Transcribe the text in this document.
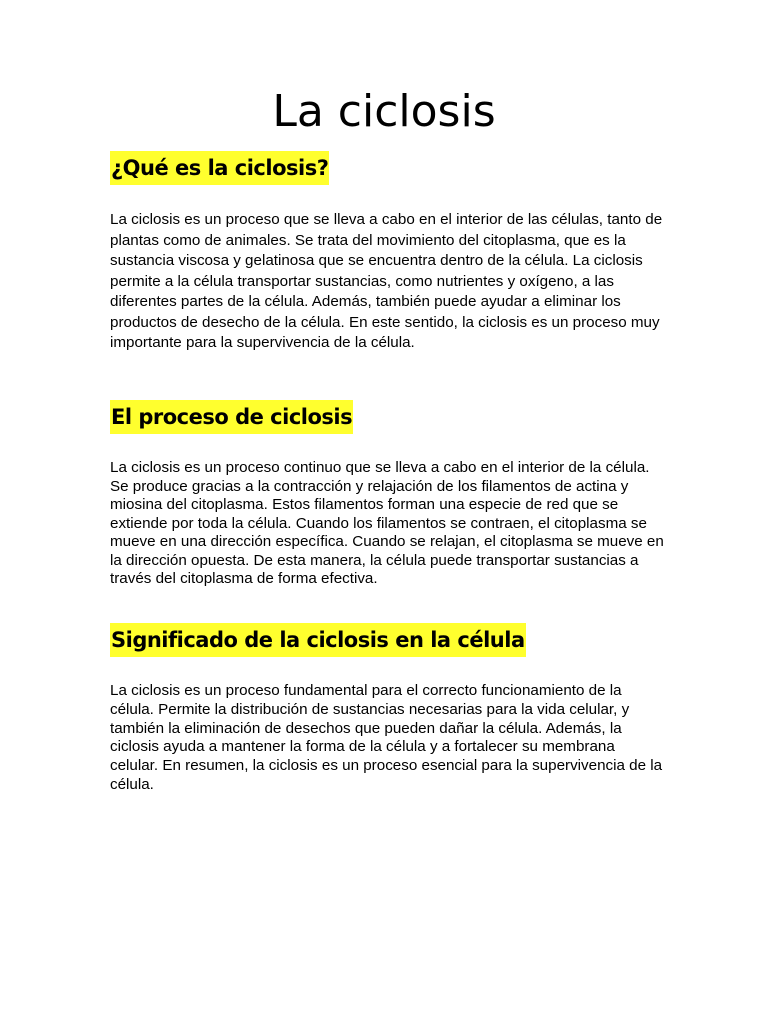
La ciclosis
¿Qué es la ciclosis?

La ciclosis es un proceso que se lleva a cabo en el interior de las células, tanto de plantas como de animales. Se trata del movimiento del citoplasma, que es la sustancia viscosa y gelatinosa que se encuentra dentro de la célula. La ciclosis permite a la célula transportar sustancias, como nutrientes y oxígeno, a las diferentes partes de la célula. Además, también puede ayudar a eliminar los productos de desecho de la célula. En este sentido, la ciclosis es un proceso muy importante para la supervivencia de la célula.

El proceso de ciclosis

La ciclosis es un proceso continuo que se lleva a cabo en el interior de la célula. Se produce gracias a la contracción y relajación de los filamentos de actina y miosina del citoplasma. Estos filamentos forman una especie de red que se extiende por toda la célula. Cuando los filamentos se contraen, el citoplasma se mueve en una dirección específica. Cuando se relajan, el citoplasma se mueve en la dirección opuesta. De esta manera, la célula puede transportar sustancias a través del citoplasma de forma efectiva.

Significado de la ciclosis en la célula

La ciclosis es un proceso fundamental para el correcto funcionamiento de la célula. Permite la distribución de sustancias necesarias para la vida celular, y también la eliminación de desechos que pueden dañar la célula. Además, la ciclosis ayuda a mantener la forma de la célula y a fortalecer su membrana celular. En resumen, la ciclosis es un proceso esencial para la supervivencia de la célula.
